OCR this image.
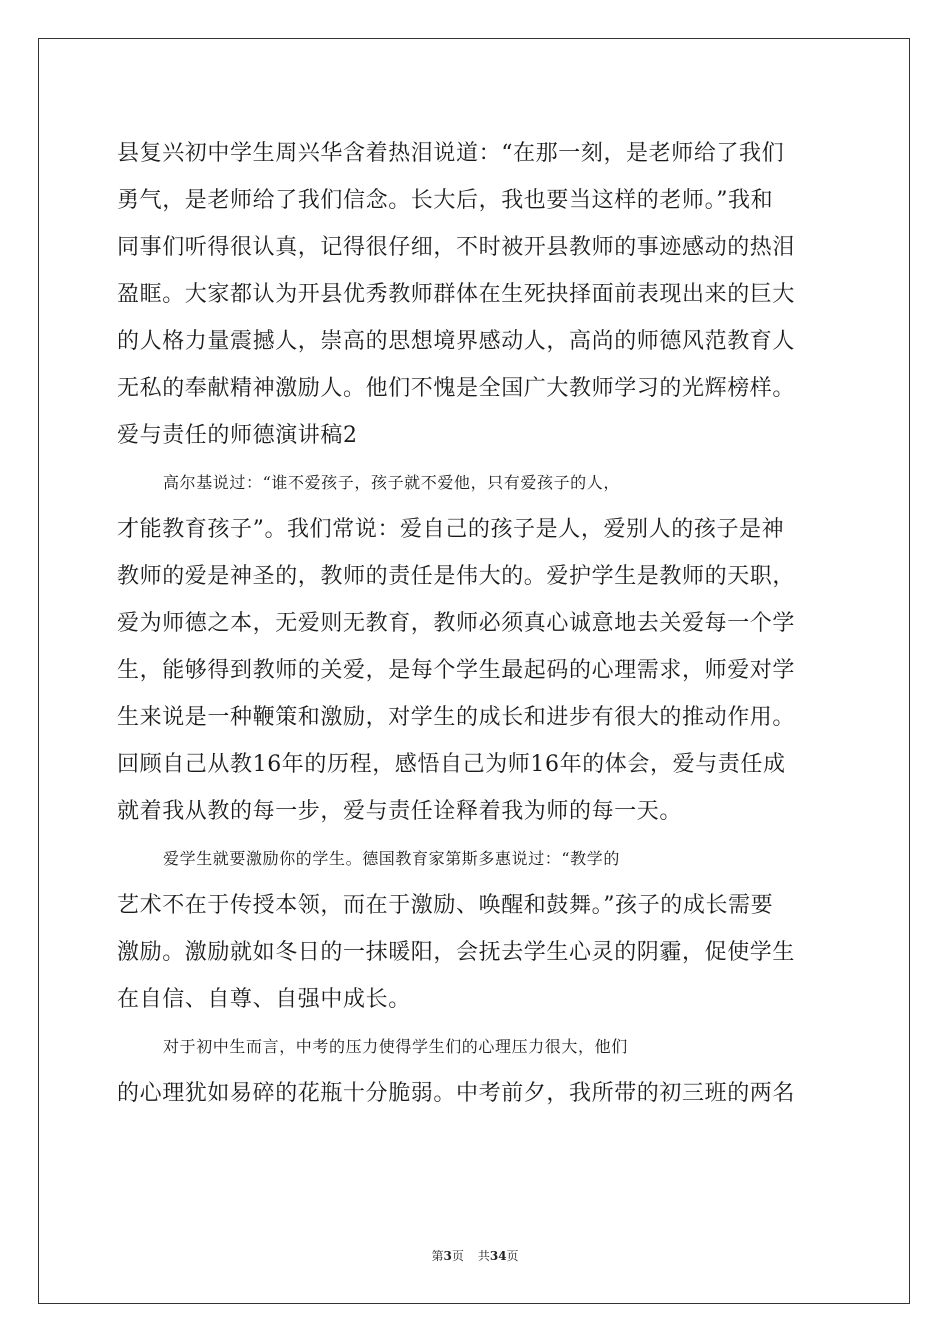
县复兴初中学生周兴华含着热泪说道：“在那一刻，是老师给了我们
勇气，是老师给了我们信念。长大后，我也要当这样的老师。”我和
同事们听得很认真，记得很仔细，不时被开县教师的事迹感动的热泪
盈眶。大家都认为开县优秀教师群体在生死抉择面前表现出来的巨大
的人格力量震撼人，崇高的思想境界感动人，高尚的师德风范教育人
无私的奉献精神激励人。他们不愧是全国广大教师学习的光辉榜样。
爱与责任的师德演讲稿2
高尔基说过：“谁不爱孩子，孩子就不爱他，只有爱孩子的人，
才能教育孩子”。我们常说：爱自己的孩子是人，爱别人的孩子是神
教师的爱是神圣的，教师的责任是伟大的。爱护学生是教师的天职，
爱为师德之本，无爱则无教育，教师必须真心诚意地去关爱每一个学
生，能够得到教师的关爱，是每个学生最起码的心理需求，师爱对学
生来说是一种鞭策和激励，对学生的成长和进步有很大的推动作用。
回顾自己从教16年的历程，感悟自己为师16年的体会，爱与责任成
就着我从教的每一步，爱与责任诠释着我为师的每一天。
爱学生就要激励你的学生。德国教育家第斯多惠说过：“教学的
艺术不在于传授本领，而在于激励、唤醒和鼓舞。”孩子的成长需要
激励。激励就如冬日的一抹暖阳，会抚去学生心灵的阴霾，促使学生
在自信、自尊、自强中成长。
对于初中生而言，中考的压力使得学生们的心理压力很大，他们
的心理犹如易碎的花瓶十分脆弱。中考前夕，我所带的初三班的两名
第3页 共34页
